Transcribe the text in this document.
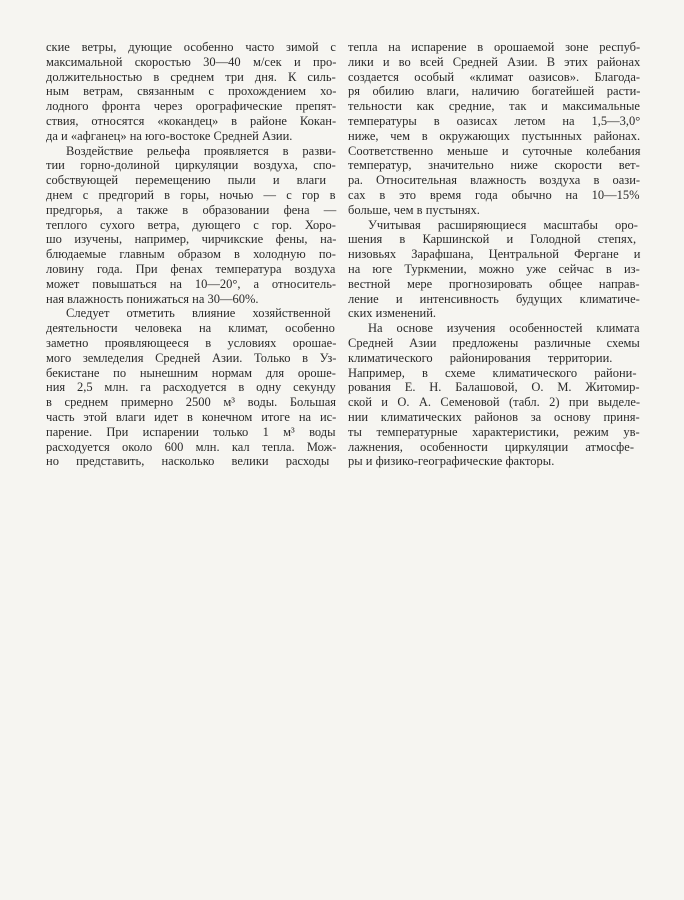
ские ветры, дующие особенно часто зимой с
максимальной скоростью 30—40 м/сек и про-
должительностью в среднем три дня. К силь-
ным ветрам, связанным с прохождением хо-
лодного фронта через орографические препят-
ствия, относятся «кокандец» в районе Кокан-
да и «афганец» на юго-востоке Средней Азии.
Воздействие рельефа проявляется в разви-
тии горно-долиной циркуляции воздуха, спо-
собствующей перемещению пыли и влаги
днем с предгорий в горы, ночью — с гор в
предгорья, а также в образовании фена —
теплого сухого ветра, дующего с гор. Хоро-
шо изучены, например, чирчикские фены, на-
блюдаемые главным образом в холодную по-
ловину года. При фенах температура воздуха
может повышаться на 10—20°, а относитель-
ная влажность понижаться на 30—60%.
Следует отметить влияние хозяйственной
деятельности человека на климат, особенно
заметно проявляющееся в условиях орошае-
мого земледелия Средней Азии. Только в Уз-
бекистане по нынешним нормам для ороше-
ния 2,5 млн. га расходуется в одну секунду
в среднем примерно 2500 м³ воды. Большая
часть этой влаги идет в конечном итоге на ис-
парение. При испарении только 1 м³ воды
расходуется около 600 млн. кал тепла. Мож-
но представить, насколько велики расходы
тепла на испарение в орошаемой зоне респуб-
лики и во всей Средней Азии. В этих районах
создается особый «климат оазисов». Благода-
ря обилию влаги, наличию богатейшей расти-
тельности как средние, так и максимальные
температуры в оазисах летом на 1,5—3,0°
ниже, чем в окружающих пустынных районах.
Соответственно меньше и суточные колебания
температур, значительно ниже скорости вет-
ра. Относительная влажность воздуха в оази-
сах в это время года обычно на 10—15%
больше, чем в пустынях.
Учитывая расширяющиеся масштабы оро-
шения в Каршинской и Голодной степях,
низовьях Зарафшана, Центральной Фергане и
на юге Туркмении, можно уже сейчас в из-
вестной мере прогнозировать общее направ-
ление и интенсивность будущих климатиче-
ских изменений.
На основе изучения особенностей климата
Средней Азии предложены различные схемы
климатического районирования территории.
Например, в схеме климатического райони-
рования Е. Н. Балашовой, О. М. Житомир-
ской и О. А. Семеновой (табл. 2) при выделе-
нии климатических районов за основу приня-
ты температурные характеристики, режим ув-
лажнения, особенности циркуляции атмосфе-
ры и физико-географические факторы.
